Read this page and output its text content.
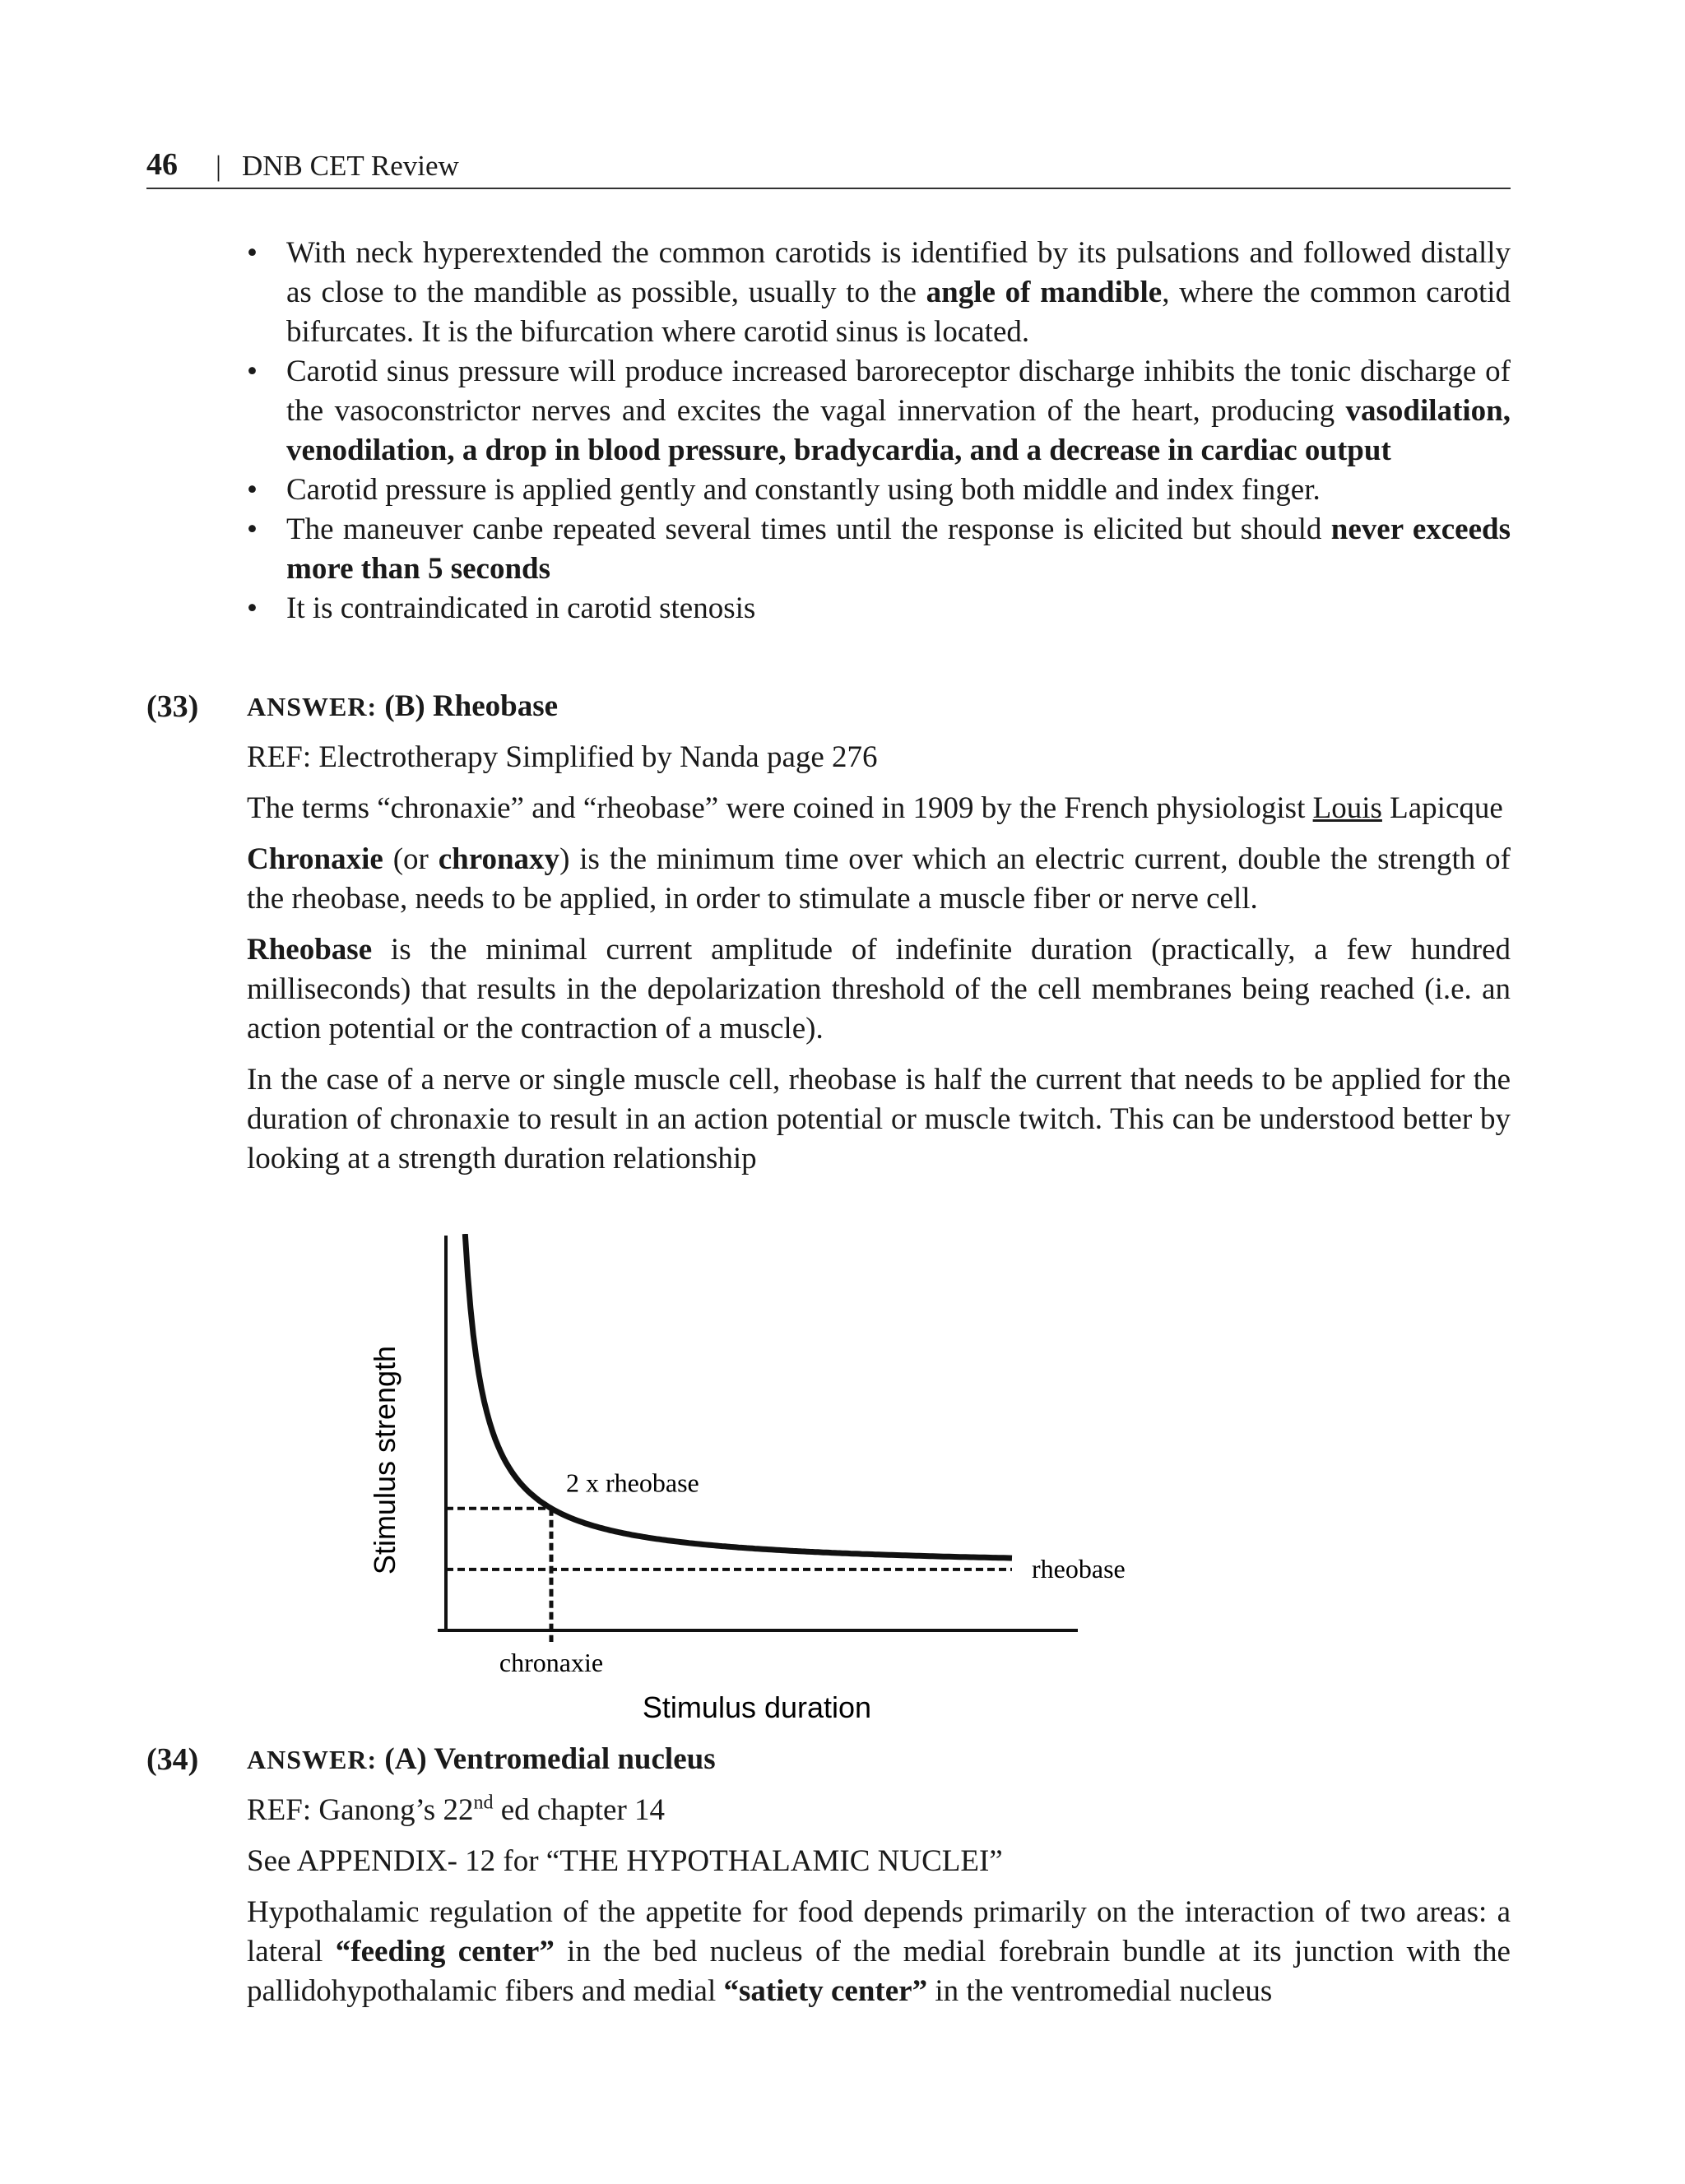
46 | DNB CET Review
• With neck hyperextended the common carotids is identified by its pulsations and followed distally as close to the mandible as possible, usually to the angle of mandible, where the common carotid bifurcates. It is the bifurcation where carotid sinus is located.
• Carotid sinus pressure will produce increased baroreceptor discharge inhibits the tonic discharge of the vasoconstrictor nerves and excites the vagal innervation of the heart, producing vasodilation, venodilation, a drop in blood pressure, bradycardia, and a decrease in cardiac output
• Carotid pressure is applied gently and constantly using both middle and index finger.
• The maneuver canbe repeated several times until the response is elicited but should never exceeds more than 5 seconds
• It is contraindicated in carotid stenosis
(33) ANSWER: (B) Rheobase

REF: Electrotherapy Simplified by Nanda page 276

The terms “chronaxie” and “rheobase” were coined in 1909 by the French physiologist Louis Lapicque

Chronaxie (or chronaxy) is the minimum time over which an electric current, double the strength of the rheobase, needs to be applied, in order to stimulate a muscle fiber or nerve cell.

Rheobase is the minimal current amplitude of indefinite duration (practically, a few hundred milliseconds) that results in the depolarization threshold of the cell membranes being reached (i.e. an action potential or the contraction of a muscle).

In the case of a nerve or single muscle cell, rheobase is half the current that needs to be applied for the duration of chronaxie to result in an action potential or muscle twitch. This can be understood better by looking at a strength duration relationship

2 x rheobase
rheobase
chronaxie
Stimulus duration
Stimulus strength
(34) ANSWER: (A) Ventromedial nucleus

REF: Ganong’s 22nd ed chapter 14

See APPENDIX- 12 for “THE HYPOTHALAMIC NUCLEI”

Hypothalamic regulation of the appetite for food depends primarily on the interaction of two areas: a lateral “feeding center” in the bed nucleus of the medial forebrain bundle at its junction with the pallidohypothalamic fibers and medial “satiety center” in the ventromedial nucleus
